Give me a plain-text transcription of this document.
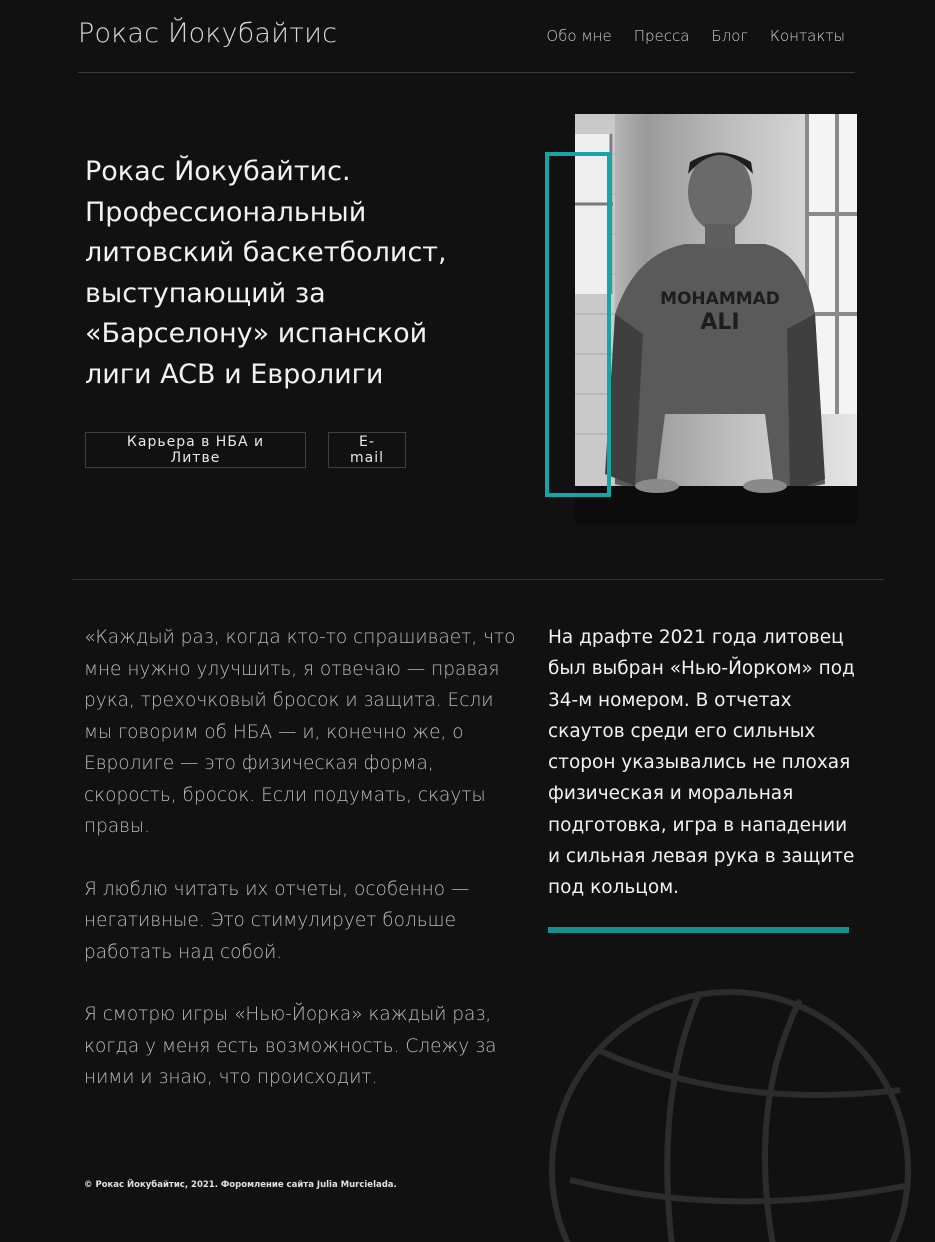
Рокас Йокубайтис	Обо мне Пресса Блог Контакты
Рокас Йокубайтис.
Профессиональный
литовский баскетболист,
выступающий за
«Барселону» испанской
лиги ACB и Евролиги
Карьера в НБА и Литве
E-mail
MOHAMMAD
ALI

«Каждый раз, когда кто-то спрашивает, что мне нужно улучшить, я отвечаю — правая рука, трехочковый бросок и защита. Если мы говорим об НБА — и, конечно же, о Евролиге — это физическая форма, скорость, бросок. Если подумать, скауты правы.

Я люблю читать их отчеты, особенно — негативные. Это стимулирует больше работать над собой.

Я смотрю игры «Нью-Йорка» каждый раз, когда у меня есть возможность. Слежу за ними и знаю, что происходит.

На драфте 2021 года литовец был выбран «Нью-Йорком» под 34-м номером. В отчетах скаутов среди его сильных сторон указывались не плохая физическая и моральная подготовка, игра в нападении и сильная левая рука в защите под кольцом.

© Рокас Йокубайтис, 2021. Форомление сайта Julia Murcielada.
